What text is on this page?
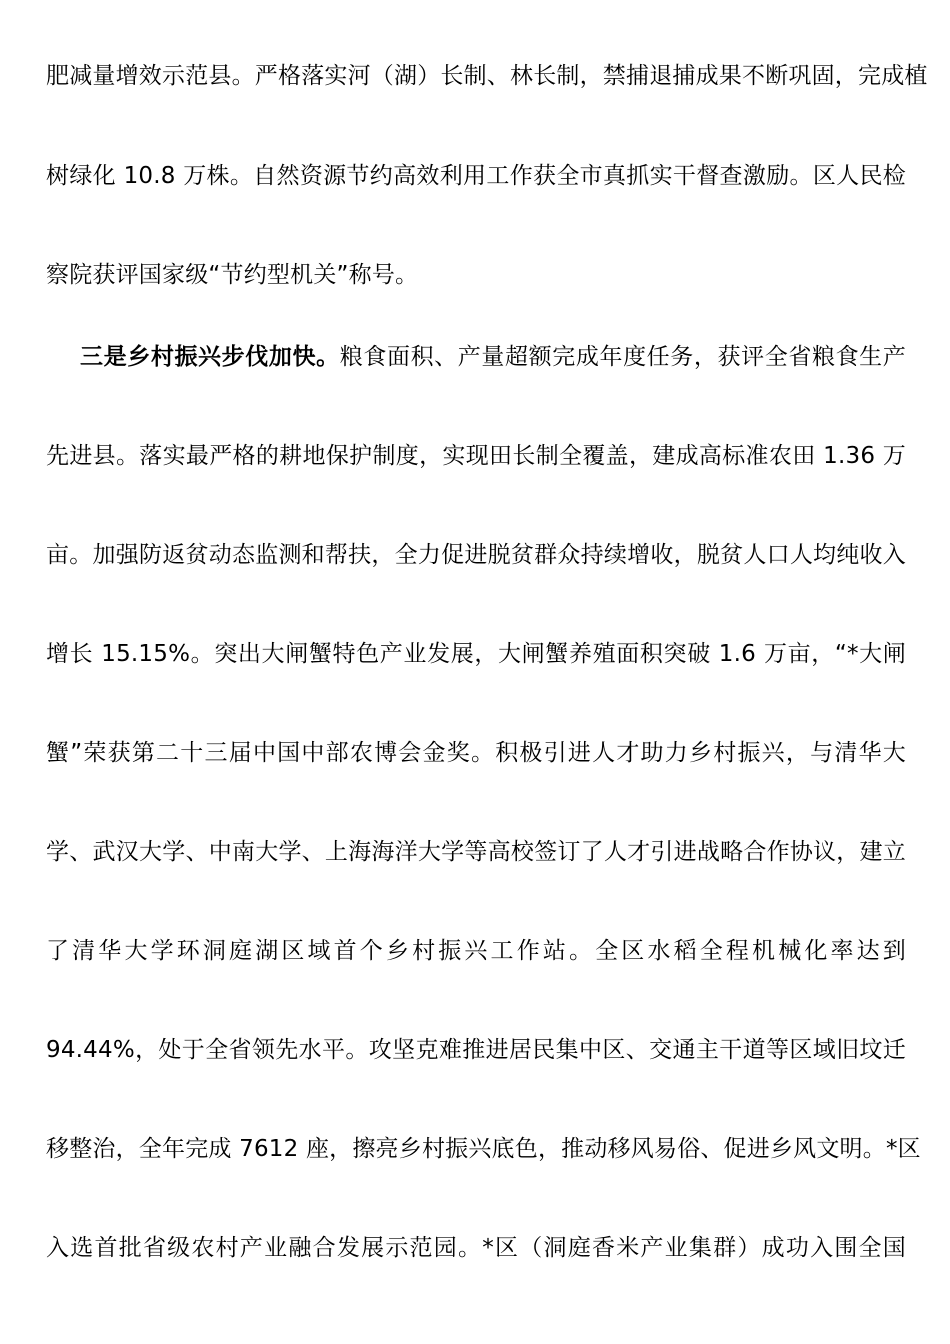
肥减量增效示范县。严格落实河（湖）长制、林长制，禁捕退捕成果不断巩固，完成植
树绿化 10.8 万株。自然资源节约高效利用工作获全市真抓实干督查激励。区人民检
察院获评国家级“节约型机关”称号。
三是乡村振兴步伐加快。粮食面积、产量超额完成年度任务，获评全省粮食生产
先进县。落实最严格的耕地保护制度，实现田长制全覆盖，建成高标准农田 1.36 万
亩。加强防返贫动态监测和帮扶，全力促进脱贫群众持续增收，脱贫人口人均纯收入
增长 15.15%。突出大闸蟹特色产业发展，大闸蟹养殖面积突破 1.6 万亩，“*大闸
蟹”荣获第二十三届中国中部农博会金奖。积极引进人才助力乡村振兴，与清华大
学、武汉大学、中南大学、上海海洋大学等高校签订了人才引进战略合作协议，建立
了清华大学环洞庭湖区域首个乡村振兴工作站。全区水稻全程机械化率达到
94.44%，处于全省领先水平。攻坚克难推进居民集中区、交通主干道等区域旧坟迁
移整治，全年完成 7612 座，擦亮乡村振兴底色，推动移风易俗、促进乡风文明。*区
入选首批省级农村产业融合发展示范园。*区（洞庭香米产业集群）成功入围全国
